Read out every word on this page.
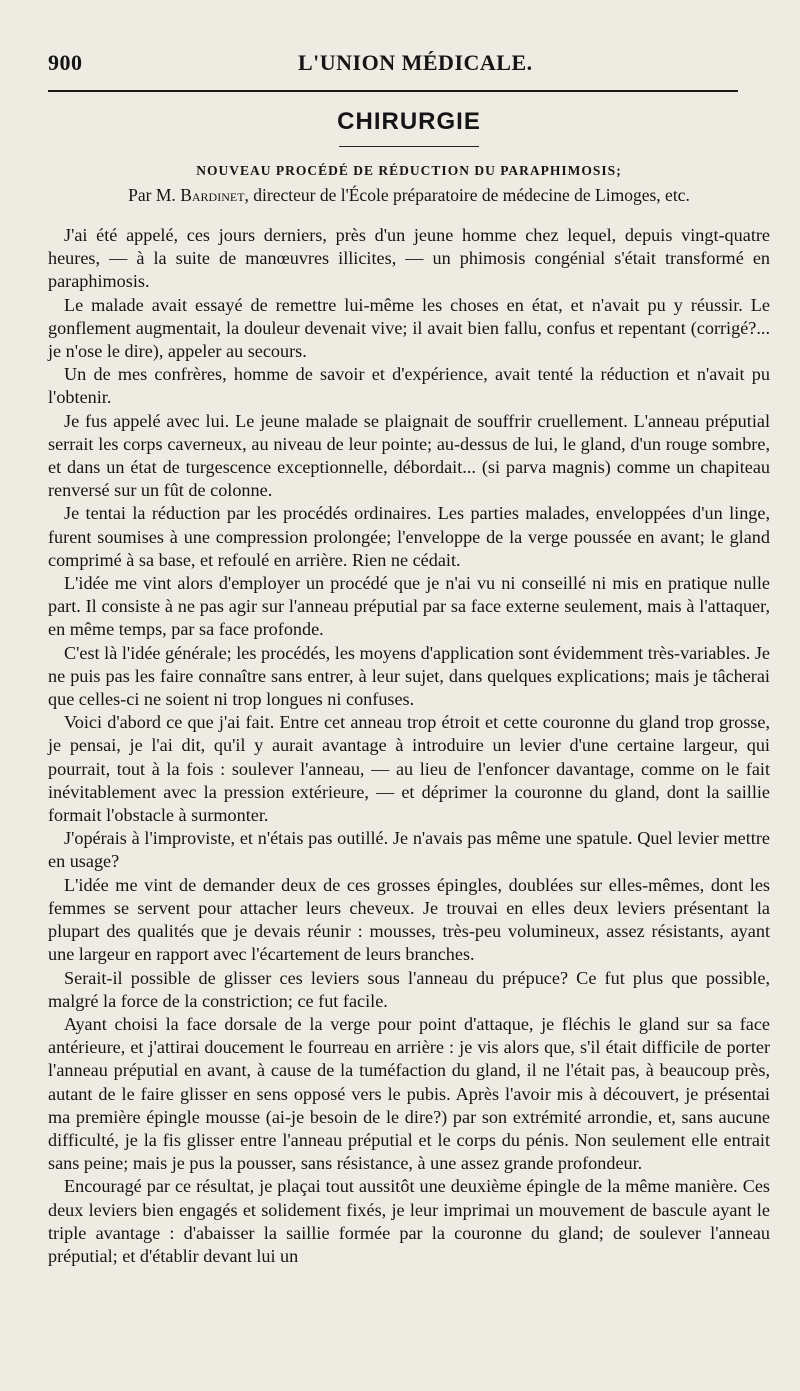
900	L'UNION MÉDICALE.
CHIRURGIE
NOUVEAU PROCÉDÉ DE RÉDUCTION DU PARAPHIMOSIS;
Par M. Bardinet, directeur de l'École préparatoire de médecine de Limoges, etc.

J'ai été appelé, ces jours derniers, près d'un jeune homme chez lequel, depuis vingt-quatre heures, — à la suite de manœuvres illicites, — un phimosis congénial s'était transformé en paraphimosis.

Le malade avait essayé de remettre lui-même les choses en état, et n'avait pu y réussir. Le gonflement augmentait, la douleur devenait vive; il avait bien fallu, confus et repentant (corrigé?... je n'ose le dire), appeler au secours.

Un de mes confrères, homme de savoir et d'expérience, avait tenté la réduction et n'avait pu l'obtenir.

Je fus appelé avec lui. Le jeune malade se plaignait de souffrir cruellement. L'anneau préputial serrait les corps caverneux, au niveau de leur pointe; au-dessus de lui, le gland, d'un rouge sombre, et dans un état de turgescence exceptionnelle, débordait... (si parva magnis) comme un chapiteau renversé sur un fût de colonne.

Je tentai la réduction par les procédés ordinaires. Les parties malades, enveloppées d'un linge, furent soumises à une compression prolongée; l'enveloppe de la verge poussée en avant; le gland comprimé à sa base, et refoulé en arrière. Rien ne cédait.

L'idée me vint alors d'employer un procédé que je n'ai vu ni conseillé ni mis en pratique nulle part. Il consiste à ne pas agir sur l'anneau préputial par sa face externe seulement, mais à l'attaquer, en même temps, par sa face profonde.

C'est là l'idée générale; les procédés, les moyens d'application sont évidemment très-variables. Je ne puis pas les faire connaître sans entrer, à leur sujet, dans quelques explications; mais je tâcherai que celles-ci ne soient ni trop longues ni confuses.

Voici d'abord ce que j'ai fait. Entre cet anneau trop étroit et cette couronne du gland trop grosse, je pensai, je l'ai dit, qu'il y aurait avantage à introduire un levier d'une certaine largeur, qui pourrait, tout à la fois : soulever l'anneau, — au lieu de l'enfoncer davantage, comme on le fait inévitablement avec la pression extérieure, — et déprimer la couronne du gland, dont la saillie formait l'obstacle à surmonter.

J'opérais à l'improviste, et n'étais pas outillé. Je n'avais pas même une spatule. Quel levier mettre en usage?

L'idée me vint de demander deux de ces grosses épingles, doublées sur elles-mêmes, dont les femmes se servent pour attacher leurs cheveux. Je trouvai en elles deux leviers présentant la plupart des qualités que je devais réunir : mousses, très-peu volumineux, assez résistants, ayant une largeur en rapport avec l'écartement de leurs branches.

Serait-il possible de glisser ces leviers sous l'anneau du prépuce? Ce fut plus que possible, malgré la force de la constriction; ce fut facile.

Ayant choisi la face dorsale de la verge pour point d'attaque, je fléchis le gland sur sa face antérieure, et j'attirai doucement le fourreau en arrière : je vis alors que, s'il était difficile de porter l'anneau préputial en avant, à cause de la tuméfaction du gland, il ne l'était pas, à beaucoup près, autant de le faire glisser en sens opposé vers le pubis. Après l'avoir mis à découvert, je présentai ma première épingle mousse (ai-je besoin de le dire?) par son extrémité arrondie, et, sans aucune difficulté, je la fis glisser entre l'anneau préputial et le corps du pénis. Non seulement elle entrait sans peine; mais je pus la pousser, sans résistance, à une assez grande profondeur.

Encouragé par ce résultat, je plaçai tout aussitôt une deuxième épingle de la même manière. Ces deux leviers bien engagés et solidement fixés, je leur imprimai un mouvement de bascule ayant le triple avantage : d'abaisser la saillie formée par la couronne du gland; de soulever l'anneau préputial; et d'établir devant lui un
